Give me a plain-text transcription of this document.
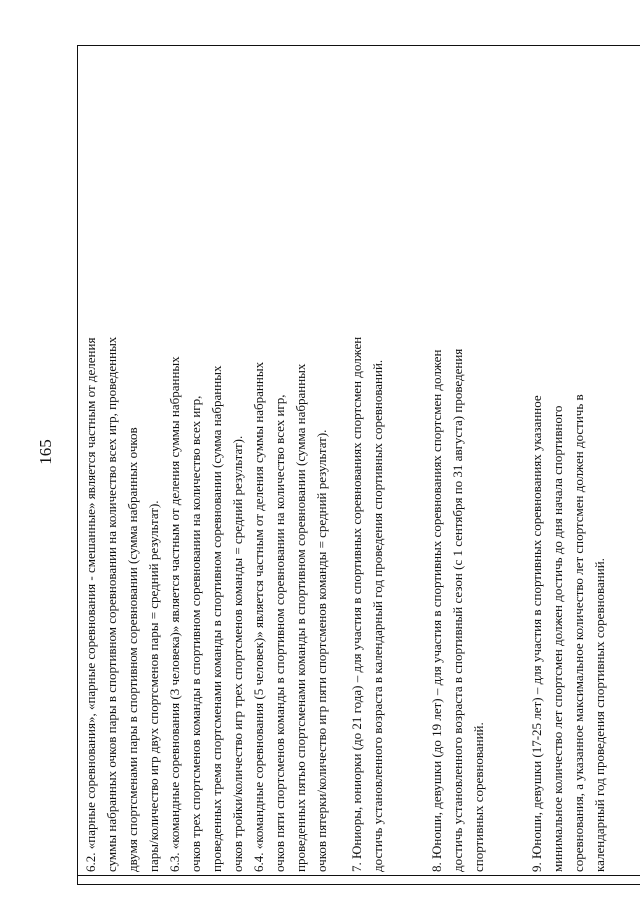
165 6.2. «парные соревнования», «парные соревнования - смешанные» является частным от деления суммы набранных очков пары в спортивном соревновании на количество всех игр, проведенных двумя спортсменами пары в спортивном соревновании (сумма набранных очков пары/количество игр двух спортсменов пары = средний результат). 6.3. «командные соревнования (3 человека)» является частным от деления суммы набранных очков трех спортсменов команды в спортивном соревновании на количество всех игр, проведенных тремя спортсменами команды в спортивном соревновании (сумма набранных очков тройки/количество игр трех спортсменов команды = средний результат). 6.4. «командные соревнования (5 человек)» является частным от деления суммы набранных очков пяти спортсменов команды в спортивном соревновании на количество всех игр, проведенных пятью спортсменами команды в спортивном соревновании (сумма набранных очков пятерки/количество игр пяти спортсменов команды = средний результат). 7. Юниоры, юниорки (до 21 года) – для участия в спортивных соревнованиях спортсмен должен достичь установленного возраста в календарный год проведения спортивных соревнований.	8. Юноши, девушки (до 19 лет) – для участия в спортивных соревнованиях спортсмен должен достичь установленного возраста в спортивный сезон (с 1 сентября по 31 августа) проведения спортивных соревнований.	9. Юноши, девушки (17-25 лет) – для участия в спортивных соревнованиях указанное минимальное количество лет спортсмен должен достичь до дня начала спортивного соревнования, а указанное максимальное количество лет спортсмен должен достичь в календарный год проведения спортивных соревнований.
